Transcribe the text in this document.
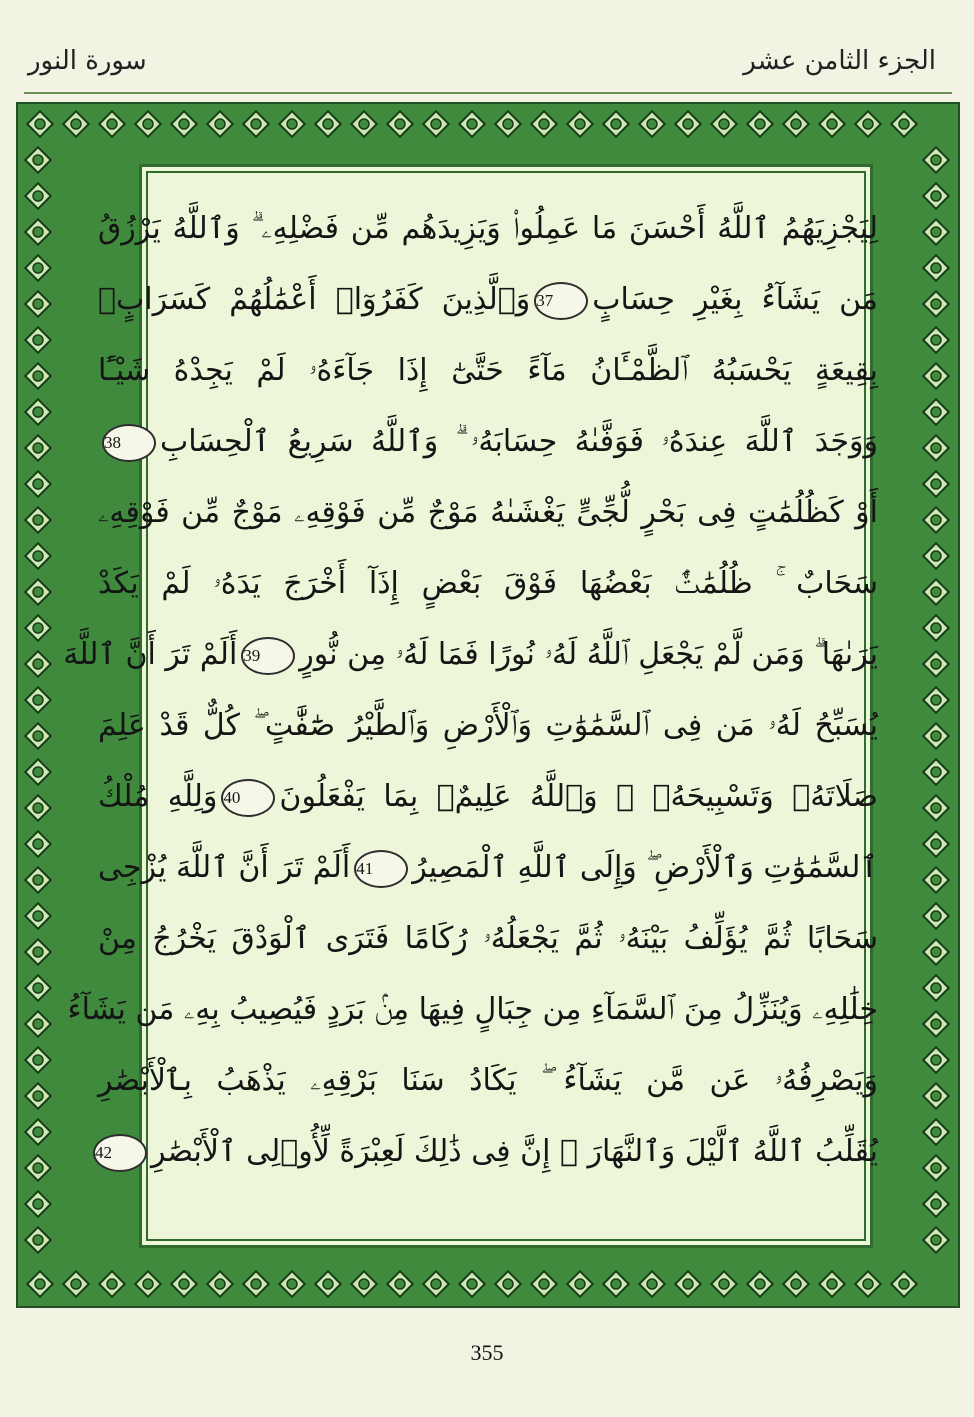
سورة النور	الجزء الثامن عشر
لِيَجْزِيَهُمُ ٱللَّهُ أَحْسَنَ مَا عَمِلُوا۟ وَيَزِيدَهُم مِّن فَضْلِهِۦ ۗ وَٱللَّهُ يَرْزُقُ
مَن يَشَآءُ بِغَيْرِ حِسَابٍ37وَٱلَّذِينَ كَفَرُوٓا۟ أَعْمَٰلُهُمْ كَسَرَابٍۭ
بِقِيعَةٍ يَحْسَبُهُ ٱلظَّمْـَٔانُ مَآءً حَتَّىٰٓ إِذَا جَآءَهُۥ لَمْ يَجِدْهُ شَيْـًٔا
وَوَجَدَ ٱللَّهَ عِندَهُۥ فَوَفَّىٰهُ حِسَابَهُۥ ۗ وَٱللَّهُ سَرِيعُ ٱلْحِسَابِ38
أَوْ كَظُلُمَٰتٍ فِى بَحْرٍ لُّجِّىٍّ يَغْشَىٰهُ مَوْجٌ مِّن فَوْقِهِۦ مَوْجٌ مِّن فَوْقِهِۦ
سَحَابٌ ۚ ظُلُمَٰتٌۢ بَعْضُهَا فَوْقَ بَعْضٍ إِذَآ أَخْرَجَ يَدَهُۥ لَمْ يَكَدْ
يَرَىٰهَا ۗ وَمَن لَّمْ يَجْعَلِ ٱللَّهُ لَهُۥ نُورًا فَمَا لَهُۥ مِن نُّورٍ39أَلَمْ تَرَ أَنَّ ٱللَّهَ
يُسَبِّحُ لَهُۥ مَن فِى ٱلسَّمَٰوَٰتِ وَٱلْأَرْضِ وَٱلطَّيْرُ صَٰٓفَّٰتٍ ۖ كُلٌّ قَدْ عَلِمَ
صَلَاتَهُۥ وَتَسْبِيحَهُۥ ۗ وَٱللَّهُ عَلِيمٌۢ بِمَا يَفْعَلُونَ40وَلِلَّهِ مُلْكُ
ٱلسَّمَٰوَٰتِ وَٱلْأَرْضِ ۖ وَإِلَى ٱللَّهِ ٱلْمَصِيرُ41أَلَمْ تَرَ أَنَّ ٱللَّهَ يُزْجِى
سَحَابًا ثُمَّ يُؤَلِّفُ بَيْنَهُۥ ثُمَّ يَجْعَلُهُۥ رُكَامًا فَتَرَى ٱلْوَدْقَ يَخْرُجُ مِنْ
خِلَٰلِهِۦ وَيُنَزِّلُ مِنَ ٱلسَّمَآءِ مِن جِبَالٍ فِيهَا مِنۢ بَرَدٍ فَيُصِيبُ بِهِۦ مَن يَشَآءُ
وَيَصْرِفُهُۥ عَن مَّن يَشَآءُ ۖ يَكَادُ سَنَا بَرْقِهِۦ يَذْهَبُ بِٱلْأَبْصَٰرِ
يُقَلِّبُ ٱللَّهُ ٱلَّيْلَ وَٱلنَّهَارَ ۚ إِنَّ فِى ذَٰلِكَ لَعِبْرَةً لِّأُو۟لِى ٱلْأَبْصَٰرِ42
355
